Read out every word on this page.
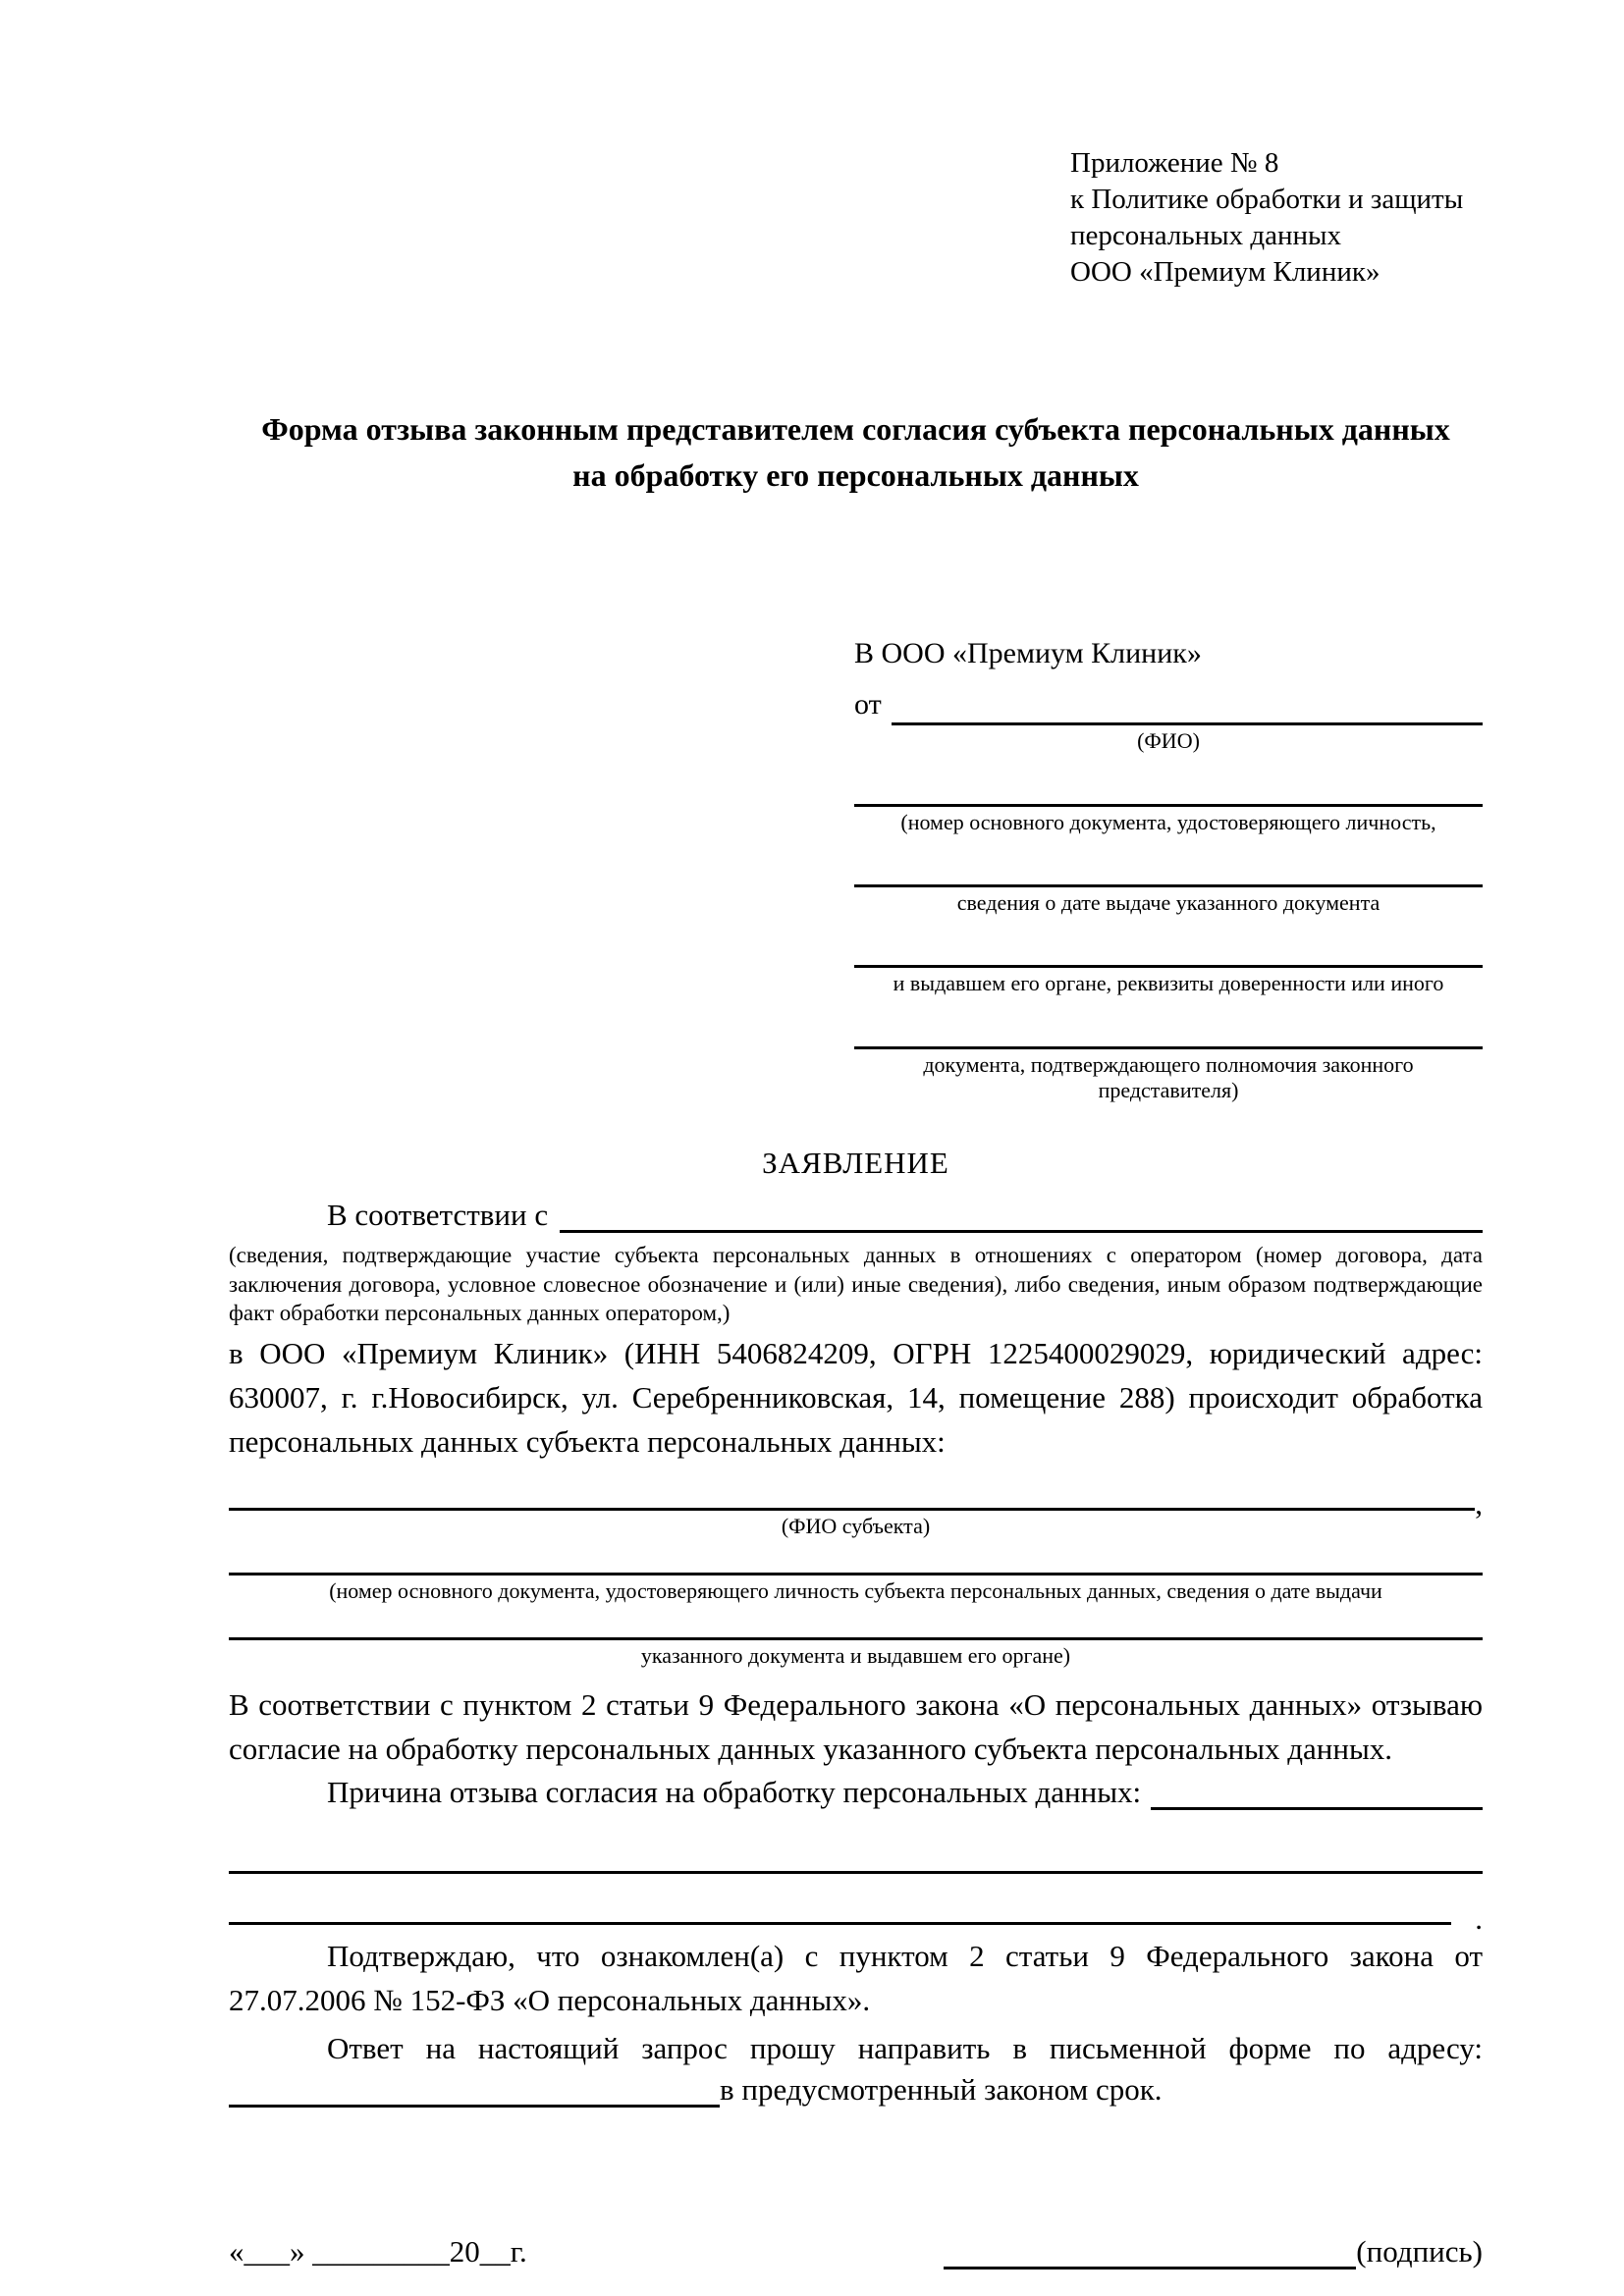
Приложение № 8
к Политике обработки и защиты
персональных данных
ООО «Премиум Клиник»
Форма отзыва законным представителем согласия субъекта персональных данных на обработку его персональных данных
В ООО «Премиум Клиник»
от
(ФИО)
(номер основного документа, удостоверяющего личность,
сведения о дате выдаче указанного документа
и выдавшем его органе, реквизиты доверенности или иного
документа, подтверждающего полномочия законного представителя)
ЗАЯВЛЕНИЕ
В соответствии с
(сведения, подтверждающие участие субъекта персональных данных в отношениях с оператором (номер договора, дата заключения договора, условное словесное обозначение и (или) иные сведения), либо сведения, иным образом подтверждающие факт обработки персональных данных оператором,)
в ООО «Премиум Клиник» (ИНН 5406824209, ОГРН 1225400029029, юридический адрес: 630007, г. г.Новосибирск, ул. Серебренниковская, 14, помещение 288) происходит обработка персональных данных субъекта персональных данных:
,
(ФИО субъекта)
(номер основного документа, удостоверяющего личность субъекта персональных данных, сведения о дате выдачи
указанного документа и выдавшем его органе)
В соответствии с пунктом 2 статьи 9 Федерального закона «О персональных данных» отзываю согласие на обработку персональных данных указанного субъекта персональных данных.
Причина отзыва согласия на обработку персональных данных:
.
Подтверждаю, что ознакомлен(а) с пунктом 2 статьи 9 Федерального закона от 27.07.2006 № 152-ФЗ «О персональных данных».
Ответ на настоящий запрос прошу направить в письменной форме по адресу:
в предусмотренный законом срок.
«___» _________20__г.	(подпись)
